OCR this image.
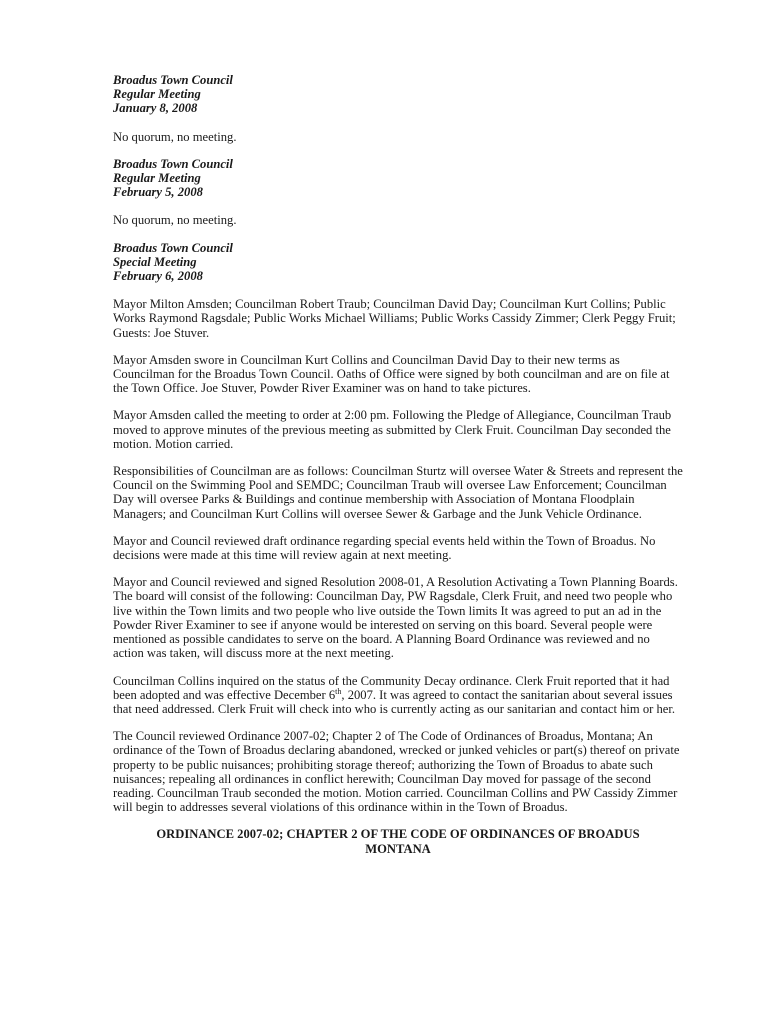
Broadus Town Council
Regular Meeting
January 8, 2008

No quorum, no meeting.

Broadus Town Council
Regular Meeting
February 5, 2008

No quorum, no meeting.

Broadus Town Council
Special Meeting
February 6, 2008

Mayor Milton Amsden; Councilman Robert Traub; Councilman David Day; Councilman Kurt Collins; Public Works Raymond Ragsdale; Public Works Michael Williams; Public Works Cassidy Zimmer; Clerk Peggy Fruit; Guests: Joe Stuver.

Mayor Amsden swore in Councilman Kurt Collins and Councilman David Day to their new terms as Councilman for the Broadus Town Council. Oaths of Office were signed by both councilman and are on file at the Town Office. Joe Stuver, Powder River Examiner was on hand to take pictures.

Mayor Amsden called the meeting to order at 2:00 pm. Following the Pledge of Allegiance, Councilman Traub moved to approve minutes of the previous meeting as submitted by Clerk Fruit. Councilman Day seconded the motion. Motion carried.

Responsibilities of Councilman are as follows: Councilman Sturtz will oversee Water & Streets and represent the Council on the Swimming Pool and SEMDC; Councilman Traub will oversee Law Enforcement; Councilman Day will oversee Parks & Buildings and continue membership with Association of Montana Floodplain Managers; and Councilman Kurt Collins will oversee Sewer & Garbage and the Junk Vehicle Ordinance.

Mayor and Council reviewed draft ordinance regarding special events held within the Town of Broadus. No decisions were made at this time will review again at next meeting.

Mayor and Council reviewed and signed Resolution 2008-01, A Resolution Activating a Town Planning Boards. The board will consist of the following: Councilman Day, PW Ragsdale, Clerk Fruit, and need two people who live within the Town limits and two people who live outside the Town limits It was agreed to put an ad in the Powder River Examiner to see if anyone would be interested on serving on this board. Several people were mentioned as possible candidates to serve on the board. A Planning Board Ordinance was reviewed and no action was taken, will discuss more at the next meeting.

Councilman Collins inquired on the status of the Community Decay ordinance. Clerk Fruit reported that it had been adopted and was effective December 6th, 2007. It was agreed to contact the sanitarian about several issues that need addressed. Clerk Fruit will check into who is currently acting as our sanitarian and contact him or her.

The Council reviewed Ordinance 2007-02; Chapter 2 of The Code of Ordinances of Broadus, Montana; An ordinance of the Town of Broadus declaring abandoned, wrecked or junked vehicles or part(s) thereof on private property to be public nuisances; prohibiting storage thereof; authorizing the Town of Broadus to abate such nuisances; repealing all ordinances in conflict herewith; Councilman Day moved for passage of the second reading. Councilman Traub seconded the motion. Motion carried. Councilman Collins and PW Cassidy Zimmer will begin to addresses several violations of this ordinance within in the Town of Broadus.

ORDINANCE 2007-02; CHAPTER 2 OF THE CODE OF ORDINANCES OF BROADUS MONTANA
